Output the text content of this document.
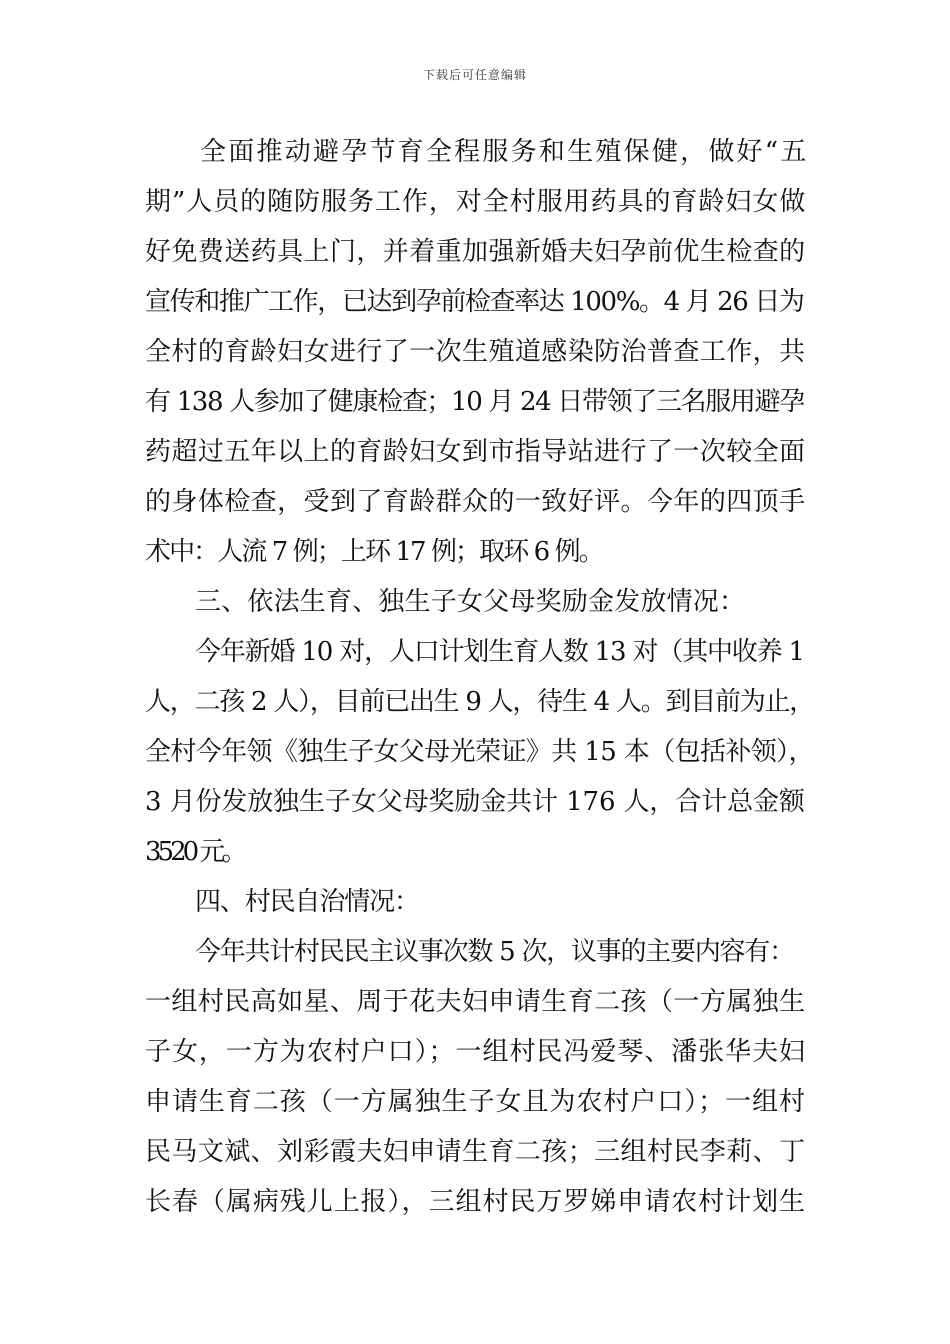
下载后可任意编辑
全面推动避孕节育全程服务和生殖保健，做好“五
期”人员的随防服务工作，对全村服用药具的育龄妇女做
好免费送药具上门，并着重加强新婚夫妇孕前优生检查的
宣传和推广工作，已达到孕前检查率达 100%。4 月 26 日为
全村的育龄妇女进行了一次生殖道感染防治普查工作，共
有 138 人参加了健康检查；10 月 24 日带领了三名服用避孕
药超过五年以上的育龄妇女到市指导站进行了一次较全面
的身体检查，受到了育龄群众的一致好评。今年的四顶手
术中：人流 7 例；上环 17 例；取环 6 例。
三、依法生育、独生子女父母奖励金发放情况：
今年新婚 10 对，人口计划生育人数 13 对（其中收养 1
人，二孩 2 人），目前已出生 9 人，待生 4 人。到目前为止，
全村今年领《独生子女父母光荣证》共 15 本（包括补领），
3 月份发放独生子女父母奖励金共计 176 人，合计总金额
3520 元。
四、村民自治情况：
今年共计村民民主议事次数 5 次，议事的主要内容有：
一组村民高如星、周于花夫妇申请生育二孩（一方属独生
子女，一方为农村户口）；一组村民冯爱琴、潘张华夫妇
申请生育二孩（一方属独生子女且为农村户口）；一组村
民马文斌、刘彩霞夫妇申请生育二孩；三组村民李莉、丁
长春（属病残儿上报），三组村民万罗娣申请农村计划生
